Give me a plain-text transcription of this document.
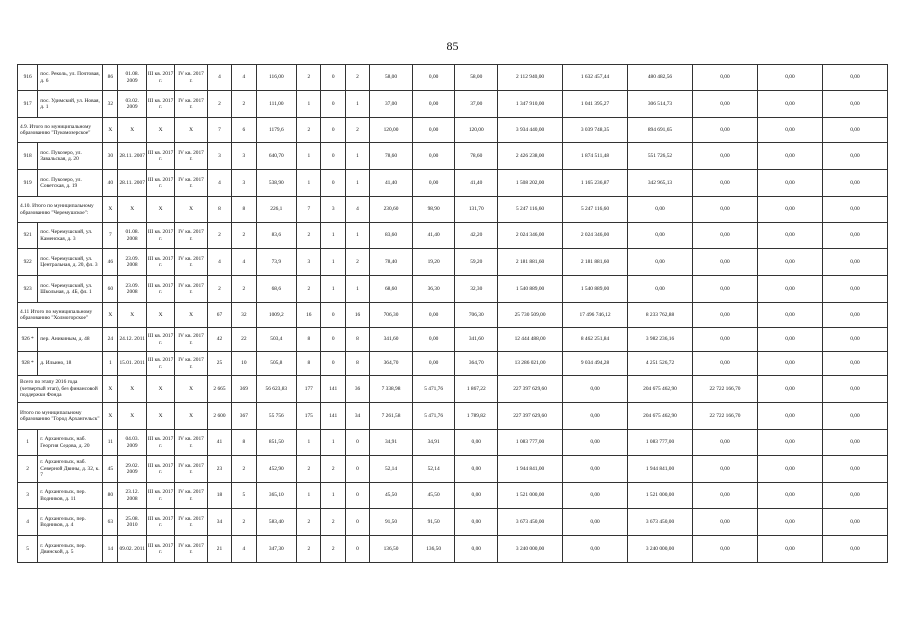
85
916	пос. Реколь, ул. Почтовая, д. 6	86	01.08. 2009	III кв. 2017 г.	IV кв. 2017 г.	4	4	116,00	2	0	2	58,00	0,00	58,00	2 112 940,00	1 632 457,44	480 482,56	0,00	0,00	0,00
917	пос. Удимский, ул. Новая, д. 1	32	03.02. 2009	III кв. 2017 г.	IV кв. 2017 г.	2	2	111,00	1	0	1	37,00	0,00	37,00	1 347 910,00	1 041 395,27	306 514,73	0,00	0,00	0,00
4.9. Итого по муниципальному образованию "Пукомозерское"		X	X	X	X	7	6	1179,6	2	0	2	120,00	0,00	120,00	3 934 440,00	3 039 748,35	894 691,65	0,00	0,00	0,00
918	пос. Пукозеро, ул. Завальская, д. 20	30	28.11. 2007	III кв. 2017 г.	IV кв. 2017 г.	3	3	640,70	1	0	1	78,60	0,00	78,60	2 426 238,00	1 874 511,48	551 726,52	0,00	0,00	0,00
919	пос. Пукозеро, ул. Советская, д. 19	40	28.11. 2007	III кв. 2017 г.	IV кв. 2017 г.	4	3	538,90	1	0	1	41,40	0,00	41,40	1 508 202,00	1 165 236,87	342 965,13	0,00	0,00	0,00
4.10. Итого по муниципальному образованию "Черемушское":		X	X	X	X	8	8	226,1	7	3	4	230,60	98,90	131,70	5 247 116,60	5 247 116,60	0,00	0,00	0,00	0,00
921	пос. Черемушский, ул. Каменская, д. 3	7	01.08. 2008	III кв. 2017 г.	IV кв. 2017 г.	2	2	83,6	2	1	1	83,60	41,40	42,20	2 024 346,00	2 024 346,00	0,00	0,00	0,00	0,00
922	пос. Черемушский, ул. Центральная, д. 20, фл. 3	46	23.09. 2008	III кв. 2017 г.	IV кв. 2017 г.	4	4	73,9	3	1	2	78,40	19,20	59,20	2 181 881,60	2 181 881,60	0,00	0,00	0,00	0,00
923	пос. Черемушский, ул. Школьная, д. 4Б, фл. 1	60	23.09. 2008	III кв. 2017 г.	IV кв. 2017 г.	2	2	68,6	2	1	1	68,60	36,30	32,30	1 540 889,00	1 540 889,00	0,00	0,00	0,00	0,00
4.11 Итого по муниципальному образованию "Холмогорское"		X	X	X	X	67	32	1009,2	16	0	16	706,30	0,00	706,30	25 730 509,00	17 496 746,12	8 233 762,88	0,00	0,00	0,00
926 *	пер. Аникиным, д. 48	24	24.12. 2011	III кв. 2017 г.	IV кв. 2017 г.	42	22	503,4	8	0	8	341,60	0,00	341,60	12 444 488,00	8 462 251,84	3 982 236,16	0,00	0,00	0,00
928 *	д. Ильино, 18	1	15.01. 2011	III кв. 2017 г.	IV кв. 2017 г.	25	10	505,8	8	0	8	364,70	0,00	364,70	13 286 021,00	9 034 494,28	4 251 526,72	0,00	0,00	0,00
Всего по этапу 2016 года (четвертый этап), без финансовой поддержки Фонда		X	X	X	X	2 665	369	56 623,83	177	141	36	7 338,98	5 471,76	1 867,22	227 397 629,60	0,00	204 675 462,90	22 722 166,70	0,00	0,00
Итого по муниципальному образованию "Город Архангельск"		X	X	X	X	2 600	367	55 756	175	141	34	7 261,58	5 471,76	1 789,82	227 397 629,60	0,00	204 675 462,90	22 722 166,70	0,00	0,00
1	г. Архангельск, наб. Георгия Седова, д. 20	11	04.03. 2009	III кв. 2017 г.	IV кв. 2017 г.	41	8	851,50	1	1	0	34,91	34,91	0,00	1 083 777,00	0,00	1 083 777,00	0,00	0,00	0,00
2	г. Архангельск, наб. Северной Двины, д. 32, к. 7	45	29.02. 2009	III кв. 2017 г.	IV кв. 2017 г.	23	2	452,90	2	2	0	52,14	52,14	0,00	1 944 841,00	0,00	1 944 841,00	0,00	0,00	0,00
3	г. Архангельск, пер. Водников, д. 11	80	23.12. 2008	III кв. 2017 г.	IV кв. 2017 г.	18	5	365,10	1	1	0	45,50	45,50	0,00	1 521 000,00	0,00	1 521 000,00	0,00	0,00	0,00
4	г. Архангельск, пер. Водников, д. 4	63	25.08. 2010	III кв. 2017 г.	IV кв. 2017 г.	34	2	583,40	2	2	0	91,50	91,50	0,00	3 673 450,00	0,00	3 673 450,00	0,00	0,00	0,00
5	г. Архангельск, пер. Двинской, д. 5	14	09.02. 2011	III кв. 2017 г.	IV кв. 2017 г.	21	4	347,30	2	2	0	136,50	136,50	0,00	3 240 000,00	0,00	3 240 000,00	0,00	0,00	0,00
